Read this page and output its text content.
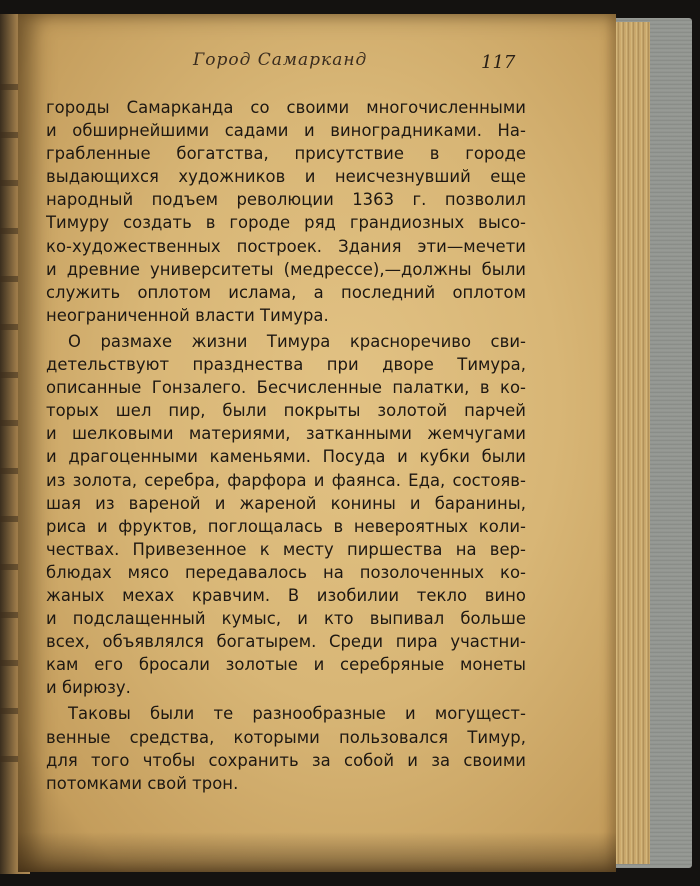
Город Самарканд	117
городы Самарканда со своими многочисленными
и обширнейшими садами и виноградниками. На-
грабленные богатства, присутствие в городе
выдающихся художников и неисчезнувший еще
народный подъем революции 1363 г. позволил
Тимуру создать в городе ряд грандиозных высо-
ко-художественных построек. Здания эти—мечети
и древние университеты (медрессе),—должны были
служить оплотом ислама, а последний оплотом
неограниченной власти Тимура.
О размахе жизни Тимура красноречиво сви-
детельствуют празднества при дворе Тимура,
описанные Гонзалего. Бесчисленные палатки, в ко-
торых шел пир, были покрыты золотой парчей
и шелковыми материями, затканными жемчугами
и драгоценными каменьями. Посуда и кубки были
из золота, серебра, фарфора и фаянса. Еда, состояв-
шая из вареной и жареной конины и баранины,
риса и фруктов, поглощалась в невероятных коли-
чествах. Привезенное к месту пиршества на вер-
блюдах мясо передавалось на позолоченных ко-
жаных мехах кравчим. В изобилии текло вино
и подслащенный кумыс, и кто выпивал больше
всех, объявлялся богатырем. Среди пира участни-
кам его бросали золотые и серебряные монеты
и бирюзу.
Таковы были те разнообразные и могущест-
венные средства, которыми пользовался Тимур,
для того чтобы сохранить за собой и за своими
потомками свой трон.
